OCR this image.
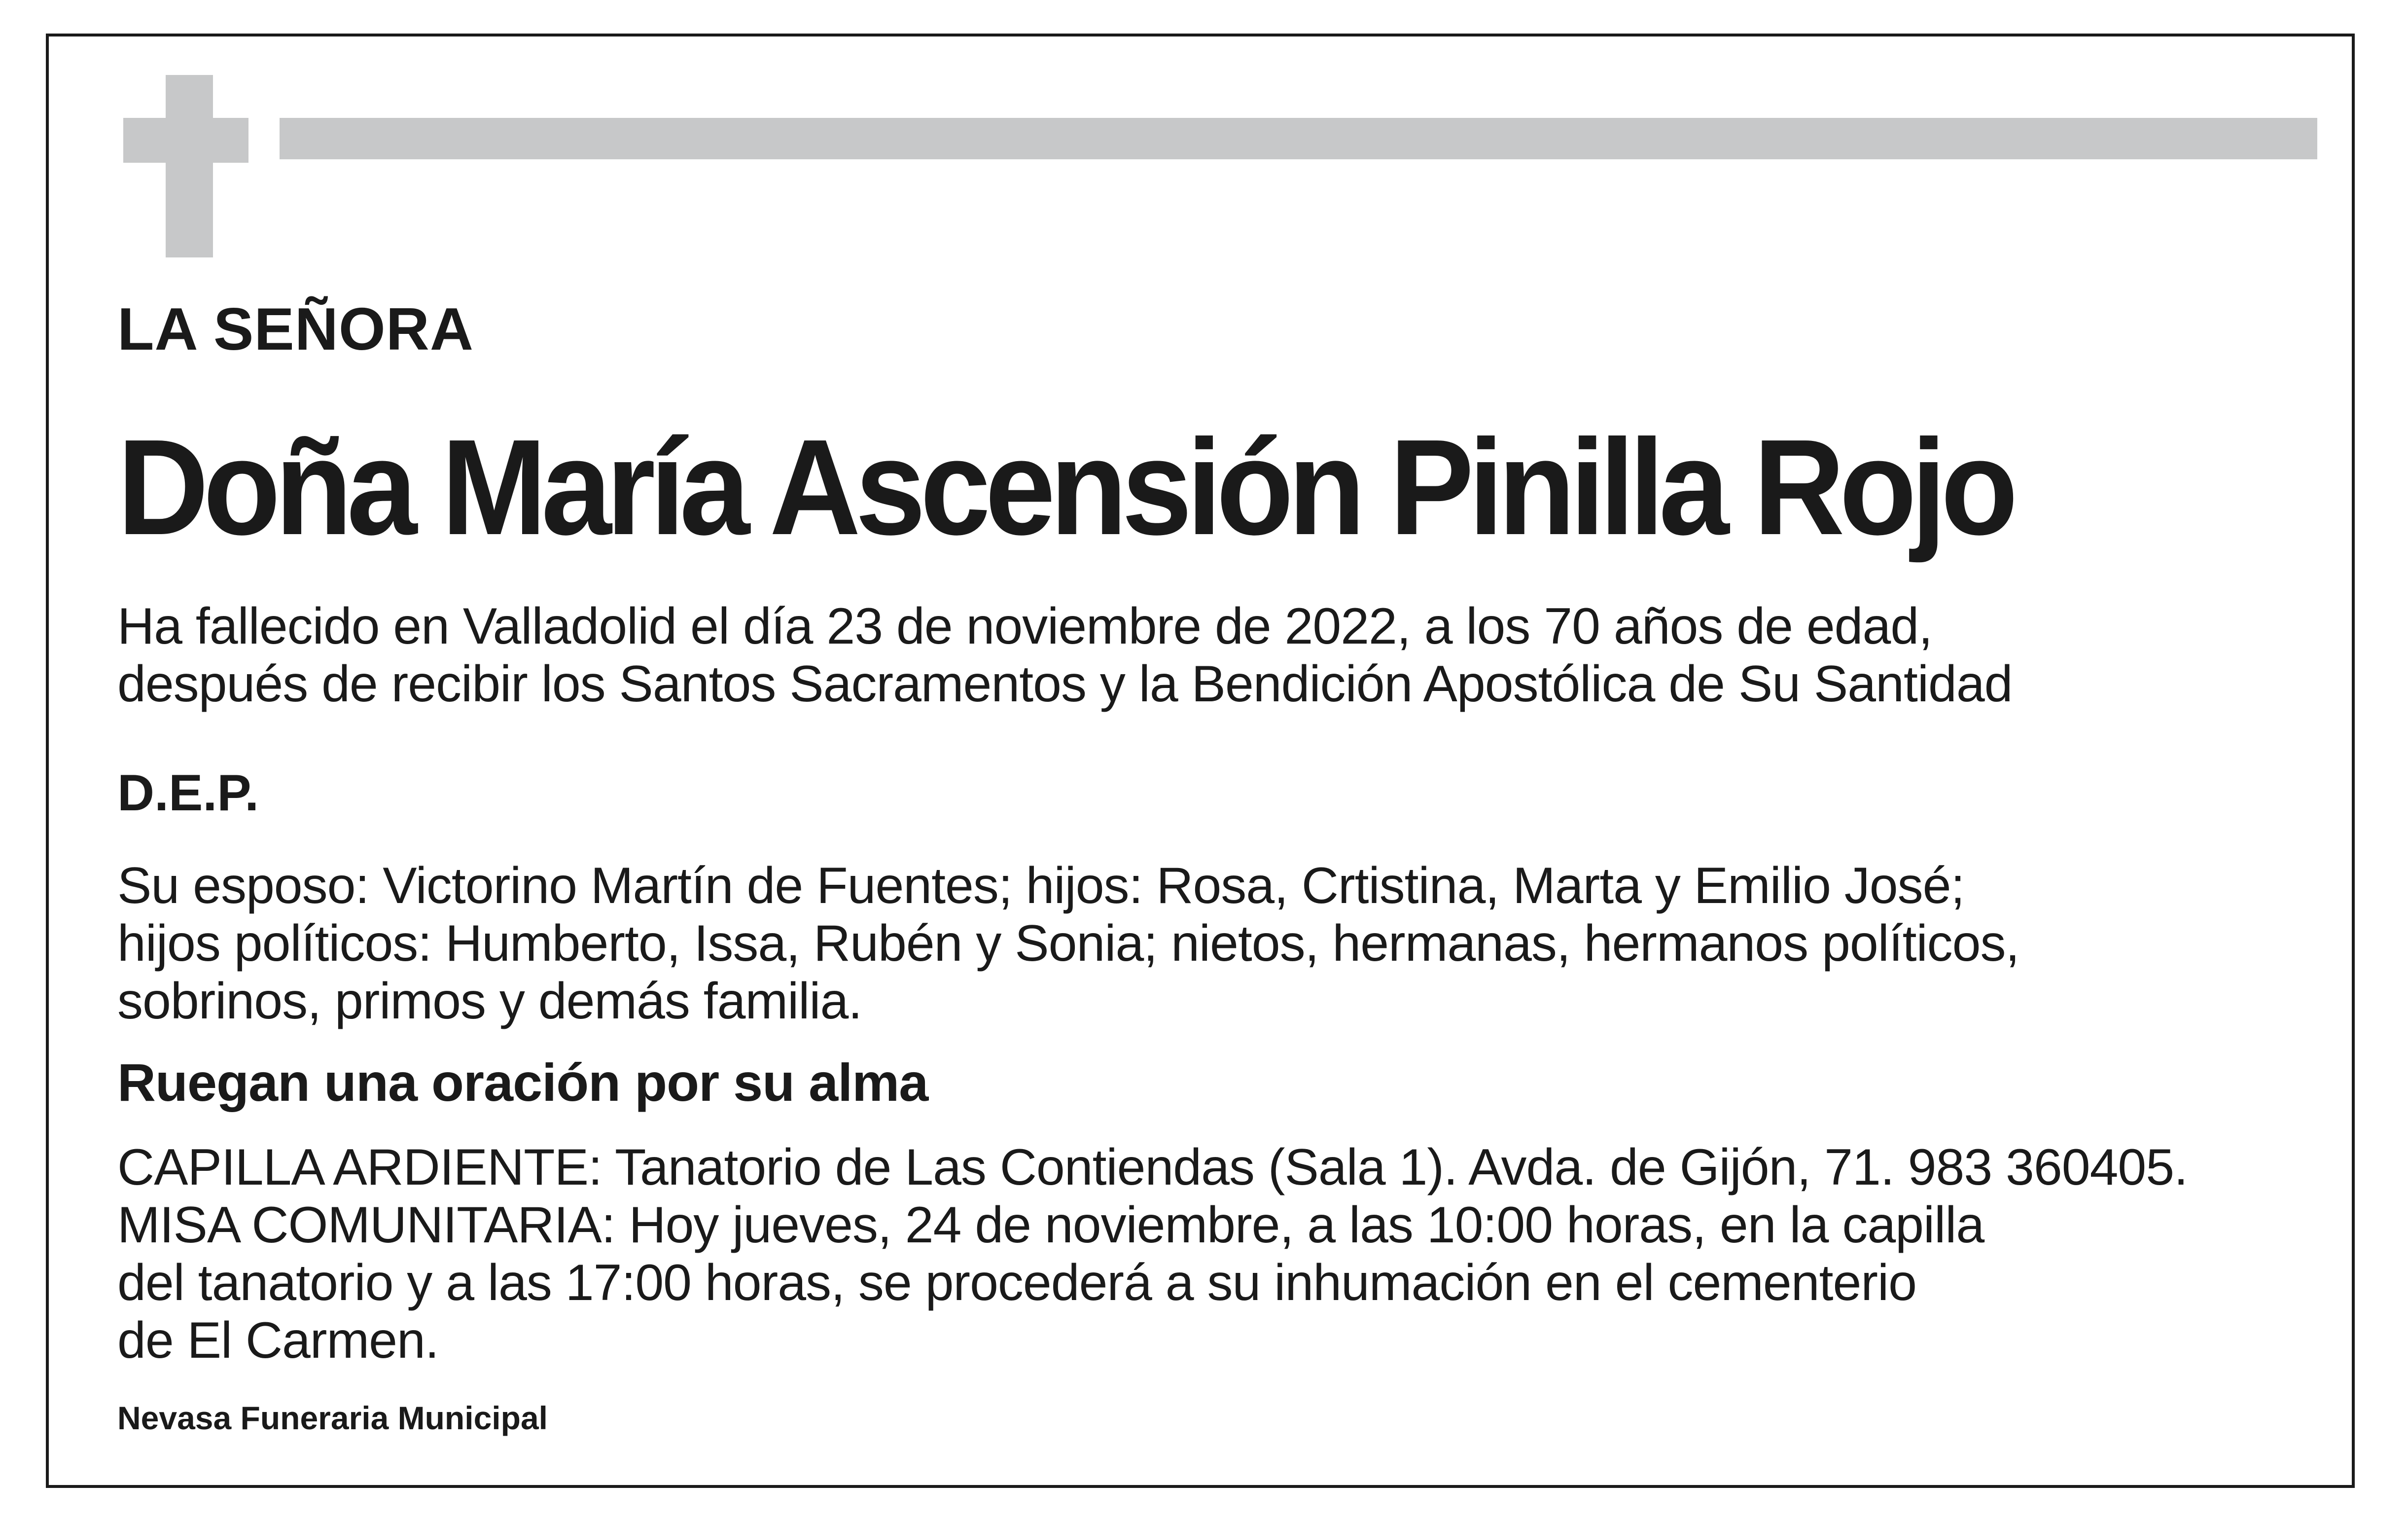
LA SEÑORA
Doña María Ascensión Pinilla Rojo
Ha fallecido en Valladolid el día 23 de noviembre de 2022, a los 70 años de edad,
después de recibir los Santos Sacramentos y la Bendición Apostólica de Su Santidad
D.E.P.
Su esposo: Victorino Martín de Fuentes; hijos: Rosa, Crtistina, Marta y Emilio José;
hijos políticos: Humberto, Issa, Rubén y Sonia; nietos, hermanas, hermanos políticos,
sobrinos, primos y demás familia.
Ruegan una oración por su alma
CAPILLA ARDIENTE: Tanatorio de Las Contiendas (Sala 1). Avda. de Gijón, 71. 983 360405.
MISA COMUNITARIA: Hoy jueves, 24 de noviembre, a las 10:00 horas, en la capilla
del tanatorio y a las 17:00 horas, se procederá a su inhumación en el cementerio
de El Carmen.
Nevasa Funeraria Municipal
